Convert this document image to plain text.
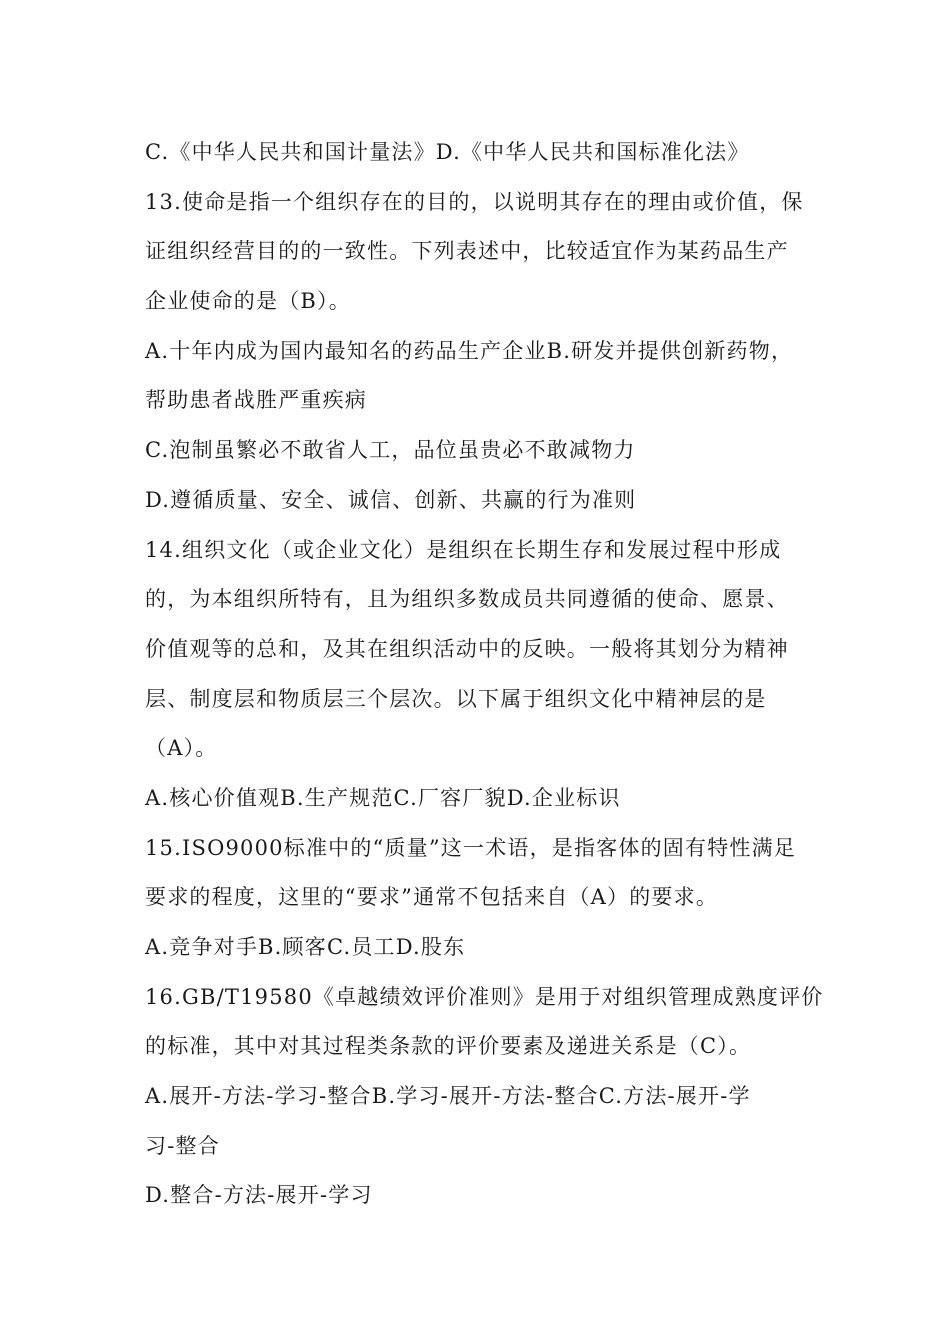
C.《中华人民共和国计量法》D.《中华人民共和国标准化法》
13.使命是指一个组织存在的目的，以说明其存在的理由或价值，保
证组织经营目的的一致性。下列表述中，比较适宜作为某药品生产
企业使命的是（B）。
A.十年内成为国内最知名的药品生产企业B.研发并提供创新药物，
帮助患者战胜严重疾病
C.泡制虽繁必不敢省人工，品位虽贵必不敢减物力
D.遵循质量、安全、诚信、创新、共赢的行为准则
14.组织文化（或企业文化）是组织在长期生存和发展过程中形成
的，为本组织所特有，且为组织多数成员共同遵循的使命、愿景、
价值观等的总和，及其在组织活动中的反映。一般将其划分为精神
层、制度层和物质层三个层次。以下属于组织文化中精神层的是
（A）。
A.核心价值观B.生产规范C.厂容厂貌D.企业标识
15.ISO9000标准中的“质量”这一术语，是指客体的固有特性满足
要求的程度，这里的“要求”通常不包括来自（A）的要求。
A.竞争对手B.顾客C.员工D.股东
16.GB/T19580《卓越绩效评价准则》是用于对组织管理成熟度评价
的标准，其中对其过程类条款的评价要素及递进关系是（C）。
A.展开-方法-学习-整合B.学习-展开-方法-整合C.方法-展开-学
习-整合
D.整合-方法-展开-学习
